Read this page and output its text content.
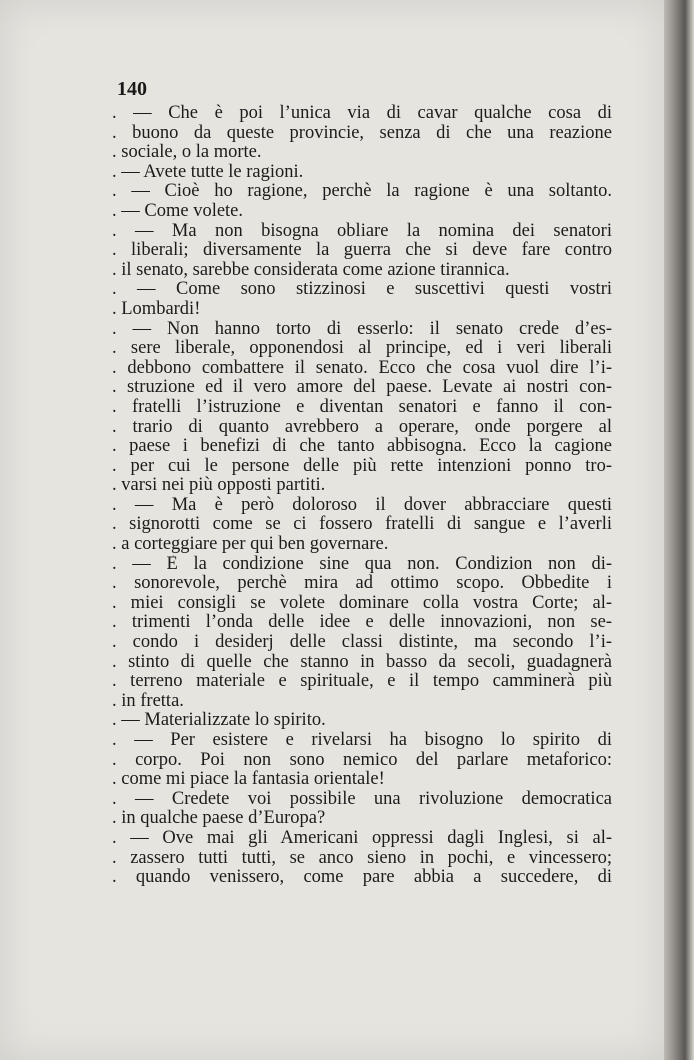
140
. — Che è poi l’unica via di cavar qualche cosa di
. buono da queste provincie, senza di che una reazione
. sociale, o la morte.
. — Avete tutte le ragioni.
. — Cioè ho ragione, perchè la ragione è una soltanto.
. — Come volete.
. — Ma non bisogna obliare la nomina dei senatori
. liberali; diversamente la guerra che si deve fare contro
. il senato, sarebbe considerata come azione tirannica.
. — Come sono stizzinosi e suscettivi questi vostri
. Lombardi!
. — Non hanno torto di esserlo: il senato crede d’es-
. sere liberale, opponendosi al principe, ed i veri liberali
. debbono combattere il senato. Ecco che cosa vuol dire l’i-
. struzione ed il vero amore del paese. Levate ai nostri con-
. fratelli l’istruzione e diventan senatori e fanno il con-
. trario di quanto avrebbero a operare, onde porgere al
. paese i benefizi di che tanto abbisogna. Ecco la cagione
. per cui le persone delle più rette intenzioni ponno tro-
. varsi nei più opposti partiti.
. — Ma è però doloroso il dover abbracciare questi
. signorotti come se ci fossero fratelli di sangue e l’averli
. a corteggiare per qui ben governare.
. — È la condizione sine qua non. Condizion non di-
. sonorevole, perchè mira ad ottimo scopo. Obbedite i
. miei consigli se volete dominare colla vostra Corte; al-
. trimenti l’onda delle idee e delle innovazioni, non se-
. condo i desiderj delle classi distinte, ma secondo l’i-
. stinto di quelle che stanno in basso da secoli, guadagnerà
. terreno materiale e spirituale, e il tempo camminerà più
. in fretta.
. — Materializzate lo spirito.
. — Per esistere e rivelarsi ha bisogno lo spirito di
. corpo. Poi non sono nemico del parlare metaforico:
. come mi piace la fantasia orientale!
. — Credete voi possibile una rivoluzione democratica
. in qualche paese d’Europa?
. — Ove mai gli Americani oppressi dagli Inglesi, si al-
. zassero tutti tutti, se anco sieno in pochi, e vincessero;
. quando venissero, come pare abbia a succedere, di
